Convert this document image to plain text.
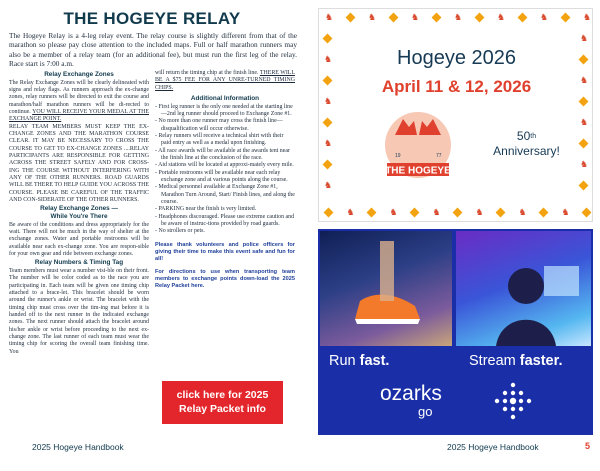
THE HOGEYE RELAY

The Hogeye Relay is a 4-leg relay event. The relay course is slightly different from that of the marathon so please pay close attention to the included maps. Full or half marathon runners may also be a member of a relay team (for an additional fee), but must run the first leg of the relay. Race start is 7:00 a.m.

Relay Exchange Zones

The Relay Exchange Zones will be clearly delineated with signs and relay flags. As runners approach the ex-change zones, relay runners will be directed to exit the course and marathon/half marathon runners will be di-rected to continue. YOU WILL RECEIVE YOUR MEDAL AT THE EXCHANGE POINT.

RELAY TEAM MEMBERS MUST KEEP THE EX-CHANGE ZONES AND THE MARATHON COURSE CLEAR. IT MAY BE NECESSARY TO CROSS THE COURSE TO GET TO EX-CHANGE ZONES ....RELAY PARTICIPANTS ARE RESPONSIBLE FOR GETTING ACROSS THE STREET SAFELY AND FOR CROSS-ING THE COURSE WITHOUT INTERFERING WITH ANY OF THE OTHER RUNNERS. ROAD GUARDS WILL BE THERE TO HELP GUIDE YOU ACROSS THE COURSE. PLEASE BE CAREFUL OF THE TRAFFIC AND CON-SIDERATE OF THE OTHER RUNNERS.

Relay Exchange Zones —
While You're There

Be aware of the conditions and dress appropriately for the wait. There will not be much in the way of shelter at the exchange zones. Water and portable restrooms will be available near each ex-change zone. You are respon-sible for your own gear and ride between exchange zones.

Relay Numbers & Timing Tag

Team members must wear a number visi-ble on their front. The number will be color coded as to the race you are participating in. Each team will be given one timing chip attached to a brace-let. This bracelet should be worn around the runner's ankle or wrist. The bracelet with the timing chip must cross over the tim-ing mat before it is handed off to the next runner in the indicated exchange zones. The next runner should attach the bracelet around his/her ankle or wrist before proceeding to the next ex-change zone. The last runner of each team must wear the timing chip for scoring the overall team finishing time. You

will return the timing chip at the finish line. THERE WILL BE A $75 FEE FOR ANY UNRE-TURNED TIMING CHIPS.

Additional Information
- First leg runner is the only one needed at the starting line—2nd leg runner should proceed to Exchange Zone #1.
- No more than one runner may cross the finish line—disqualification will occur otherwise.
- Relay runners will receive a technical shirt with their paid entry as well as a medal upon finishing.
- All race awards will be available at the awards tent near the finish line at the conclusion of the race.
- Aid stations will be located at approxi-mately every mile.
- Portable restrooms will be available near each relay exchange zone and at various points along the course.
- Medical personnel available at Exchange Zone #1, Marathon Turn Around, Start/ Finish lines, and along the course.
- PARKING near the finish is very limited.
- Headphones discouraged. Please use extreme caution and be aware of instruc-tions provided by road guards.
- No strollers or pets.

Please thank volunteers and police officers for giving their time to make this event safe and fun for all!

For directions to use when transporting team members to exchange points down-load the 2025 Relay Packet here.

click here for 2025 Relay Packet info
2025 Hogeye Handbook
♞
♞
♞
♞
♞
♞
♞
♞
♞
♞
♞
♞
♞
♞
♞
♞
♞
♞
♞
♞
♞
Hogeye 2026
April 11 & 12, 2026
19	77
THE HOGEYE
50th
Anniversary!
Run fast.	Stream faster.
ozarks
go
2025 Hogeye Handbook	5
